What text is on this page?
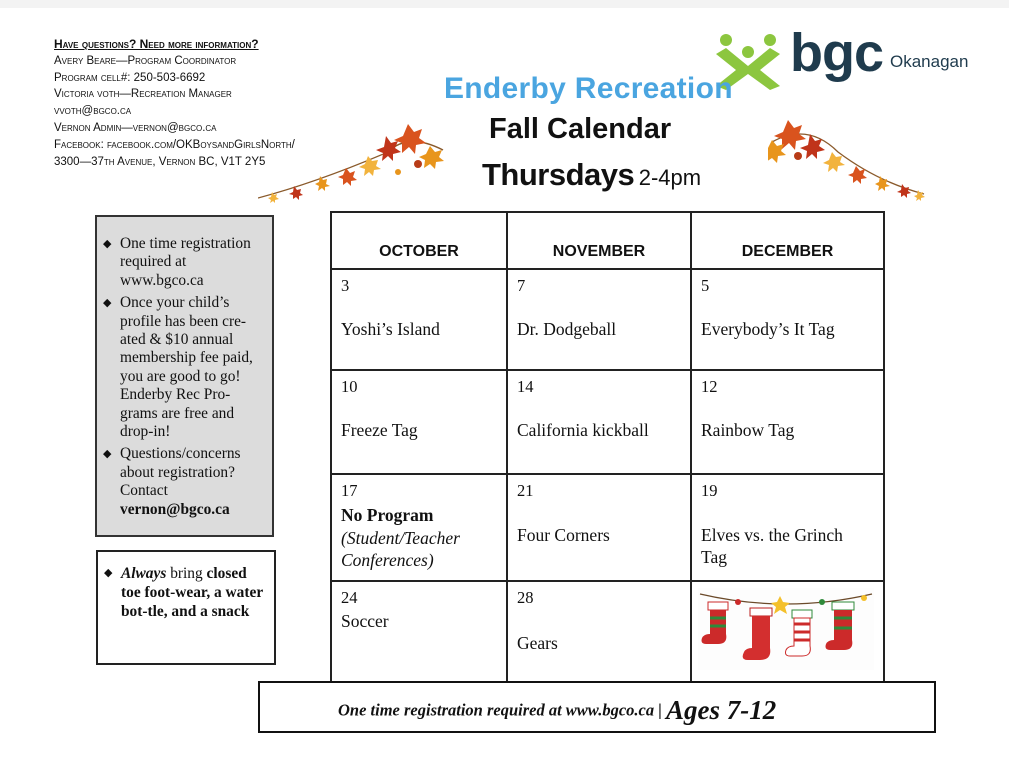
Have questions? Need more information?
Avery Beare—Program Coordinator
Program cell#: 250-503-6692
Victoria voth—Recreation Manager
vvoth@bgco.ca
Vernon Admin—vernon@bgco.ca
Facebook: facebook.com/OKBoysandGirlsNorth/
3300—37th Avenue, Vernon BC, V1T 2Y5
bgc Okanagan
Enderby Recreation
Fall Calendar
Thursdays 2-4pm
◆ One time registration required at www.bgco.ca
◆ Once your child’s profile has been cre-ated & $10 annual membership fee paid, you are good to go! Enderby Rec Pro-grams are free and drop-in!
◆ Questions/concerns about registration? Contact vernon@bgco.ca
◆ Always bring closed toe foot-wear, a water bot-tle, and a snack
OCTOBER	NOVEMBER	DECEMBER

3
Yoshi’s Island	7
Dr. Dodgeball	5
Everybody’s It Tag

10
Freeze Tag	14
California kickball	12
Rainbow Tag

17
No Program
(Student/Teacher
Conferences)	21
Four Corners	19
Elves vs. the Grinch
Tag

24
Soccer	28
Gears

One time registration required at www.bgco.ca | Ages 7-12
